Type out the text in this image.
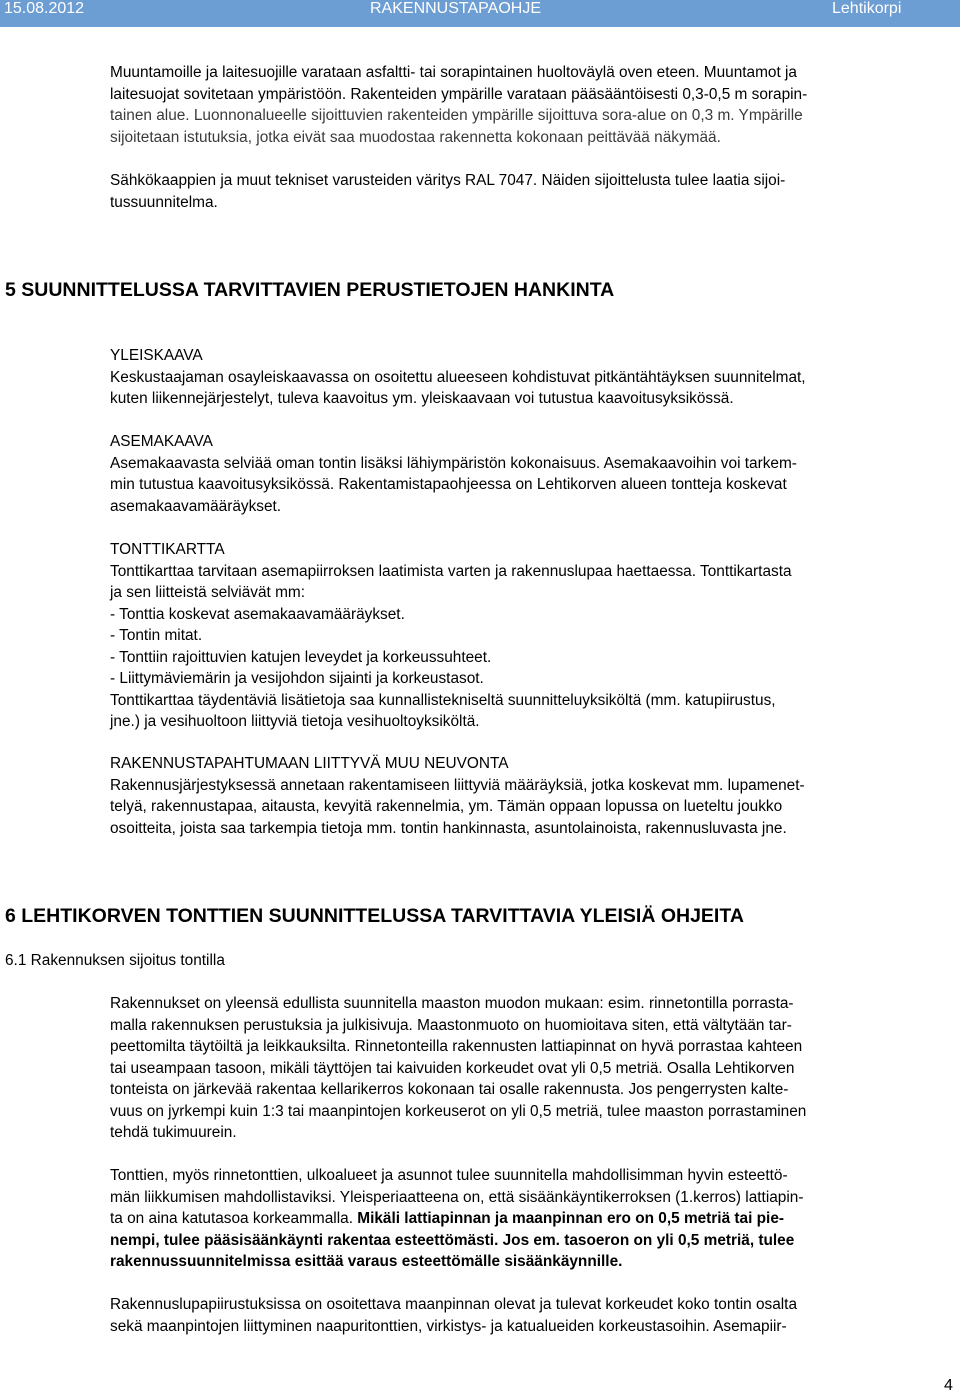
15.08.2012	RAKENNUSTAPAOHJE	Lehtikorpi
Muuntamoille ja laitesuojille varataan asfaltti- tai sorapintainen huoltoväylä oven eteen. Muuntamot ja
laitesuojat sovitetaan ympäristöön. Rakenteiden ympärille varataan pääsääntöisesti 0,3-0,5 m sorapin-
tainen alue. Luonnonalueelle sijoittuvien rakenteiden ympärille sijoittuva sora-alue on 0,3 m. Ympärille
sijoitetaan istutuksia, jotka eivät saa muodostaa rakennetta kokonaan peittävää näkymää.
Sähkökaappien ja muut tekniset varusteiden väritys RAL 7047. Näiden sijoittelusta tulee laatia sijoi-
tussuunnitelma.
5 SUUNNITTELUSSA TARVITTAVIEN PERUSTIETOJEN HANKINTA
YLEISKAAVA
Keskustaajaman osayleiskaavassa on osoitettu alueeseen kohdistuvat pitkäntähtäyksen suunnitelmat,
kuten liikennejärjestelyt, tuleva kaavoitus ym. yleiskaavaan voi tutustua kaavoitusyksikössä.
ASEMAKAAVA
Asemakaavasta selviää oman tontin lisäksi lähiympäristön kokonaisuus. Asemakaavoihin voi tarkem-
min tutustua kaavoitusyksikössä. Rakentamistapaohjeessa on Lehtikorven alueen tontteja koskevat
asemakaavamääräykset.
TONTTIKARTTA
Tonttikarttaa tarvitaan asemapiirroksen laatimista varten ja rakennuslupaa haettaessa. Tonttikartasta
ja sen liitteistä selviävät mm:
- Tonttia koskevat asemakaavamääräykset.
- Tontin mitat.
- Tonttiin rajoittuvien katujen leveydet ja korkeussuhteet.
- Liittymäviemärin ja vesijohdon sijainti ja korkeustasot.
Tonttikarttaa täydentäviä lisätietoja saa kunnallistekniseltä suunnitteluyksiköltä (mm. katupiirustus,
jne.) ja vesihuoltoon liittyviä tietoja vesihuoltoyksiköltä.
RAKENNUSTAPAHTUMAAN LIITTYVÄ MUU NEUVONTA
Rakennusjärjestyksessä annetaan rakentamiseen liittyviä määräyksiä, jotka koskevat mm. lupamenet-
telyä, rakennustapaa, aitausta, kevyitä rakennelmia, ym. Tämän oppaan lopussa on lueteltu joukko
osoitteita, joista saa tarkempia tietoja mm. tontin hankinnasta, asuntolainoista, rakennusluvasta jne.
6 LEHTIKORVEN TONTTIEN SUUNNITTELUSSA TARVITTAVIA YLEISIÄ OHJEITA
6.1 Rakennuksen sijoitus tontilla
Rakennukset on yleensä edullista suunnitella maaston muodon mukaan: esim. rinnetontilla porrasta-
malla rakennuksen perustuksia ja julkisivuja. Maastonmuoto on huomioitava siten, että vältytään tar-
peettomilta täytöiltä ja leikkauksilta. Rinnetonteilla rakennusten lattiapinnat on hyvä porrastaa kahteen
tai useampaan tasoon, mikäli täyttöjen tai kaivuiden korkeudet ovat yli 0,5 metriä. Osalla Lehtikorven
tonteista on järkevää rakentaa kellarikerros kokonaan tai osalle rakennusta. Jos pengerrysten kalte-
vuus on jyrkempi kuin 1:3 tai maanpintojen korkeuserot on yli 0,5 metriä, tulee maaston porrastaminen
tehdä tukimuurein.
Tonttien, myös rinnetonttien, ulkoalueet ja asunnot tulee suunnitella mahdollisimman hyvin esteettö-
män liikkumisen mahdollistaviksi. Yleisperiaatteena on, että sisäänkäyntikerroksen (1.kerros) lattiapin-
ta on aina katutasoa korkeammalla. Mikäli lattiapinnan ja maanpinnan ero on 0,5 metriä tai pie-
nempi, tulee pääsisäänkäynti rakentaa esteettömästi. Jos em. tasoeron on yli 0,5 metriä, tulee
rakennussuunnitelmissa esittää varaus esteettömälle sisäänkäynnille.
Rakennuslupapiirustuksissa on osoitettava maanpinnan olevat ja tulevat korkeudet koko tontin osalta
sekä maanpintojen liittyminen naapuritonttien, virkistys- ja katualueiden korkeustasoihin. Asemapiir-
4
